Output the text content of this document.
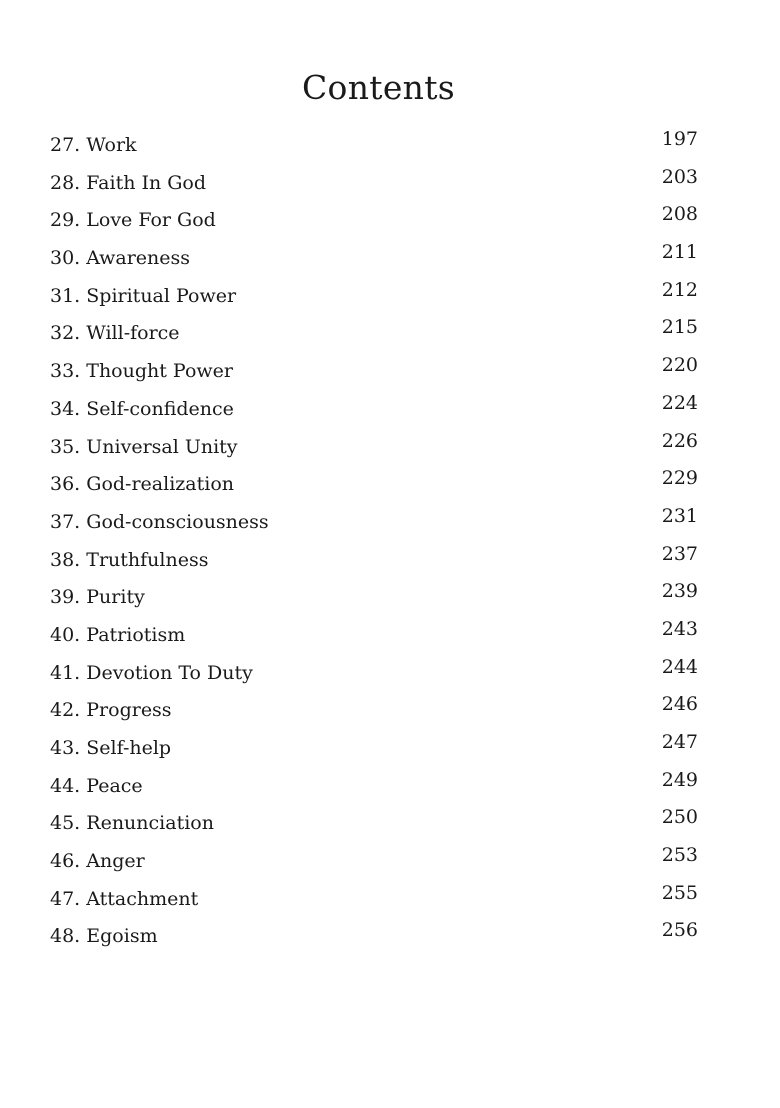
Contents
27. Work	197
28. Faith In God	203
29. Love For God	208
30. Awareness	211
31. Spiritual Power	212
32. Will-force	215
33. Thought Power	220
34. Self-confidence	224
35. Universal Unity	226
36. God-realization	229
37. God-consciousness	231
38. Truthfulness	237
39. Purity	239
40. Patriotism	243
41. Devotion To Duty	244
42. Progress	246
43. Self-help	247
44. Peace	249
45. Renunciation	250
46. Anger	253
47. Attachment	255
48. Egoism	256
